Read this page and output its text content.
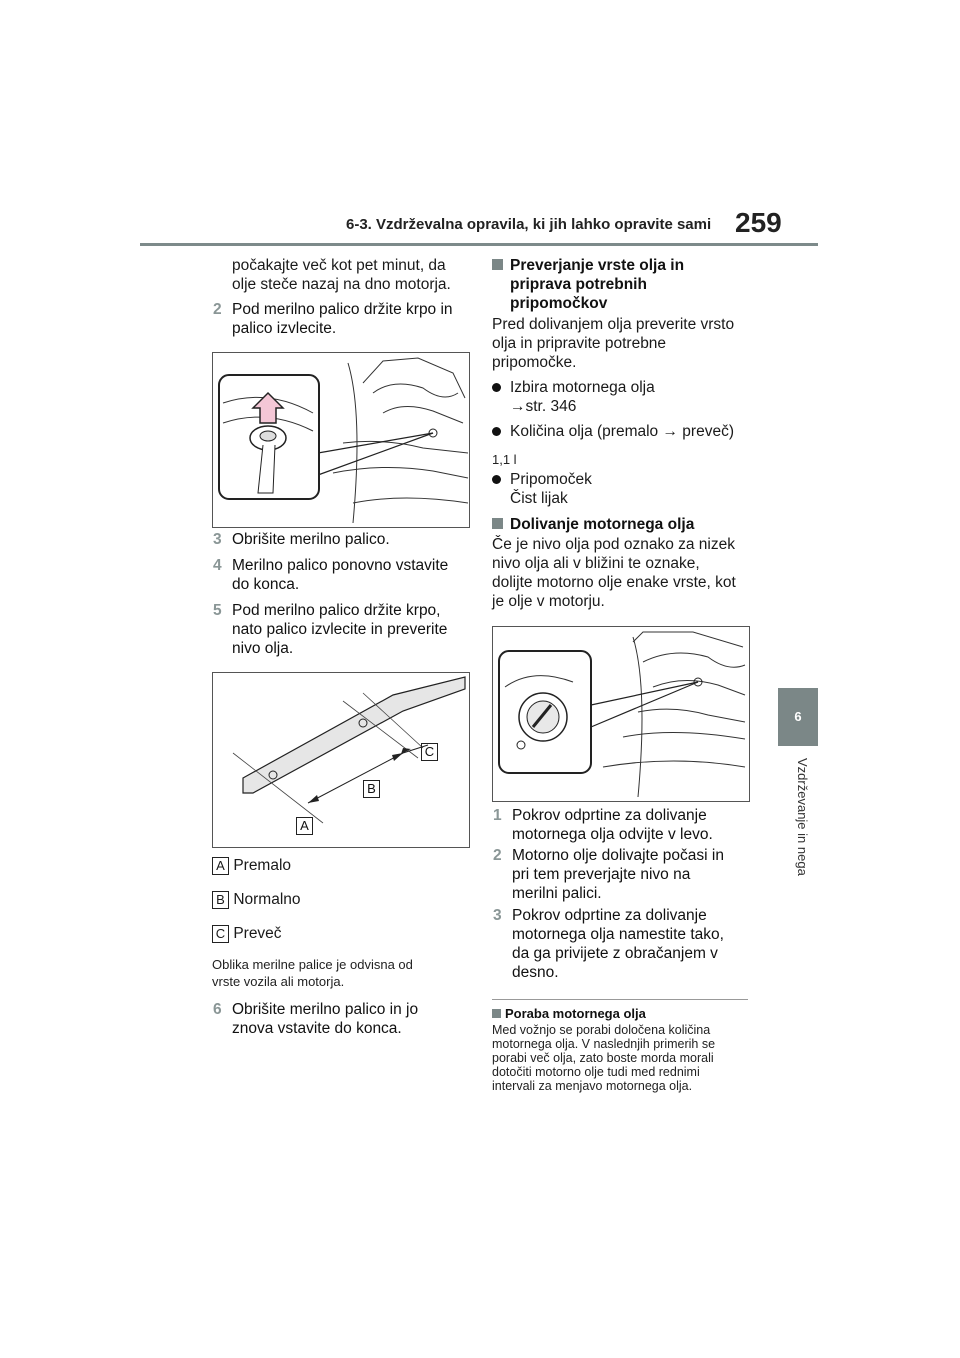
6-3. Vzdrževalna opravila, ki jih lahko opravite sami 259
6
Vzdrževanje in nega
počakajte več kot pet minut, da
olje steče nazaj na dno motorja.
2 Pod merilno palico držite krpo in
palico izvlecite.
3 Obrišite merilno palico.
4 Merilno palico ponovno vstavite
do konca.
5 Pod merilno palico držite krpo,
nato palico izvlecite in preverite
nivo olja.
C
B
A
A Premalo
B Normalno
C Preveč
Oblika merilne palice je odvisna od
vrste vozila ali motorja.
6 Obrišite merilno palico in jo
znova vstavite do konca.
Preverjanje vrste olja in
priprava potrebnih
pripomočkov
Pred dolivanjem olja preverite vrsto
olja in pripravite potrebne
pripomočke.
Izbira motornega olja
→str. 346
Količina olja (premalo → preveč)
1,1 l
Pripomoček
Čist lijak
Dolivanje motornega olja
Če je nivo olja pod oznako za nizek
nivo olja ali v bližini te oznake,
dolijte motorno olje enake vrste, kot
je olje v motorju.
1 Pokrov odprtine za dolivanje
motornega olja odvijte v levo.
2 Motorno olje dolivajte počasi in
pri tem preverjajte nivo na
merilni palici.
3 Pokrov odprtine za dolivanje
motornega olja namestite tako,
da ga privijete z obračanjem v
desno.
Poraba motornega olja
Med vožnjo se porabi določena količina
motornega olja. V naslednjih primerih se
porabi več olja, zato boste morda morali
dotočiti motorno olje tudi med rednimi
intervali za menjavo motornega olja.
